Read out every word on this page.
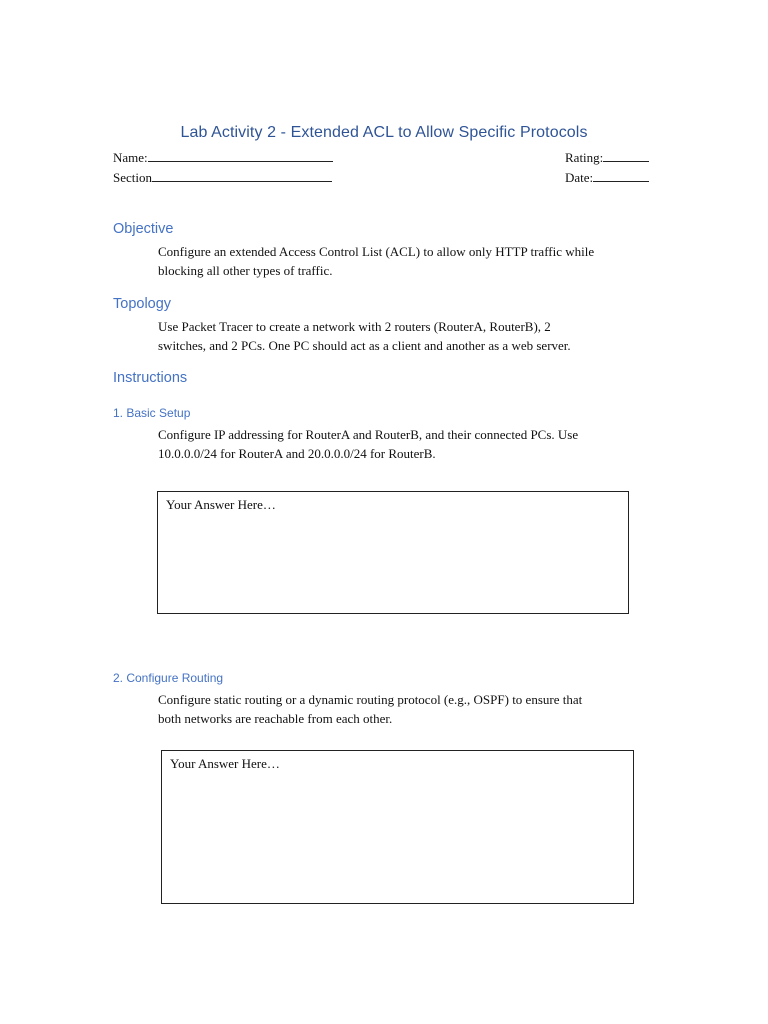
Lab Activity 2 - Extended ACL to Allow Specific Protocols
Name:
Section
Rating:
Date:
Objective
Configure an extended Access Control List (ACL) to allow only HTTP traffic while
blocking all other types of traffic.
Topology
Use Packet Tracer to create a network with 2 routers (RouterA, RouterB), 2
switches, and 2 PCs. One PC should act as a client and another as a web server.
Instructions
1. Basic Setup
Configure IP addressing for RouterA and RouterB, and their connected PCs. Use
10.0.0.0/24 for RouterA and 20.0.0.0/24 for RouterB.
Your Answer Here…
2. Configure Routing
Configure static routing or a dynamic routing protocol (e.g., OSPF) to ensure that
both networks are reachable from each other.
Your Answer Here…
